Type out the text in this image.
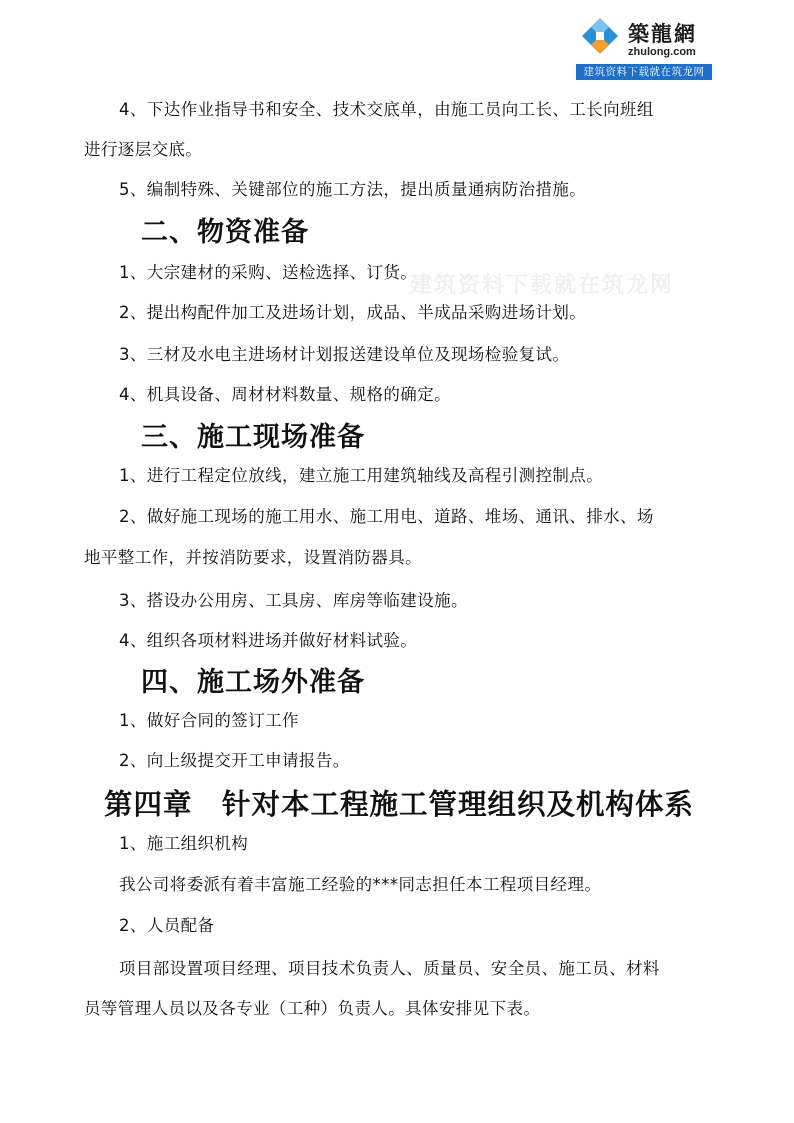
築龍網
zhulong.com
建筑资料下载就在筑龙网
建筑资料下载就在筑龙网
4、下达作业指导书和安全、技术交底单，由施工员向工长、工长向班组
进行逐层交底。
5、编制特殊、关键部位的施工方法，提出质量通病防治措施。
二、物资准备
1、大宗建材的采购、送检选择、订货。
2、提出构配件加工及进场计划，成品、半成品采购进场计划。
3、三材及水电主进场材计划报送建设单位及现场检验复试。
4、机具设备、周材材料数量、规格的确定。
三、施工现场准备
1、进行工程定位放线，建立施工用建筑轴线及高程引测控制点。
2、做好施工现场的施工用水、施工用电、道路、堆场、通讯、排水、场
地平整工作，并按消防要求，设置消防器具。
3、搭设办公用房、工具房、库房等临建设施。
4、组织各项材料进场并做好材料试验。
四、施工场外准备
1、做好合同的签订工作
2、向上级提交开工申请报告。
第四章　针对本工程施工管理组织及机构体系
1、施工组织机构
我公司将委派有着丰富施工经验的***同志担任本工程项目经理。
2、人员配备
项目部设置项目经理、项目技术负责人、质量员、安全员、施工员、材料
员等管理人员以及各专业（工种）负责人。具体安排见下表。
